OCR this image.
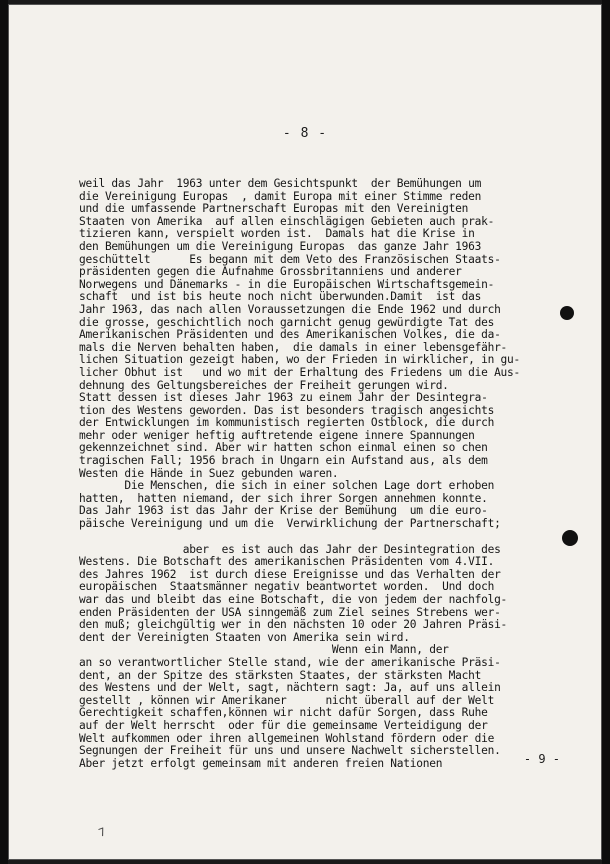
- 8 -
weil das Jahr  1963 unter dem Gesichtspunkt  der Bemühungen um
die Vereinigung Europas  , damit Europa mit einer Stimme reden
und die umfassende Partnerschaft Europas mit den Vereinigten
Staaten von Amerika  auf allen einschlägigen Gebieten auch prak-
tizieren kann, verspielt worden ist.  Damals hat die Krise in
den Bemühungen um die Vereinigung Europas  das ganze Jahr 1963
geschüttelt      Es begann mit dem Veto des Französischen Staats-
präsidenten gegen die Aufnahme Grossbritanniens und anderer
Norwegens und Dänemarks - in die Europäischen Wirtschaftsgemein-
schaft  und ist bis heute noch nicht überwunden.Damit  ist das
Jahr 1963, das nach allen Voraussetzungen die Ende 1962 und durch
die grosse, geschichtlich noch garnicht genug gewürdigte Tat des
Amerikanischen Präsidenten und des Amerikanischen Volkes, die da-
mals die Nerven behalten haben,  die damals in einer lebensgefähr-
lichen Situation gezeigt haben, wo der Frieden in wirklicher, in gu-
licher Obhut ist   und wo mit der Erhaltung des Friedens um die Aus-
dehnung des Geltungsbereiches der Freiheit gerungen wird.
Statt dessen ist dieses Jahr 1963 zu einem Jahr der Desintegra-
tion des Westens geworden. Das ist besonders tragisch angesichts
der Entwicklungen im kommunistisch regierten Ostblock, die durch
mehr oder weniger heftig auftretende eigene innere Spannungen
gekennzeichnet sind. Aber wir hatten schon einmal einen so chen
tragischen Fall; 1956 brach in Ungarn ein Aufstand aus, als dem
Westen die Hände in Suez gebunden waren.
Die Menschen, die sich in einer solchen Lage dort erhoben
hatten,  hatten niemand, der sich ihrer Sorgen annehmen konnte.
Das Jahr 1963 ist das Jahr der Krise der Bemühung  um die euro-
päische Vereinigung und um die  Verwirklichung der Partnerschaft;
aber  es ist auch das Jahr der Desintegration des
Westens. Die Botschaft des amerikanischen Präsidenten vom 4.VII.
des Jahres 1962  ist durch diese Ereignisse und das Verhalten der
europäischen  Staatsmänner negativ beantwortet worden.  Und doch
war das und bleibt das eine Botschaft, die von jedem der nachfolg-
enden Präsidenten der USA sinngemäß zum Ziel seines Strebens wer-
den muß; gleichgültig wer in den nächsten 10 oder 20 Jahren Präsi-
dent der Vereinigten Staaten von Amerika sein wird.
Wenn ein Mann, der
an so verantwortlicher Stelle stand, wie der amerikanische Präsi-
dent, an der Spitze des stärksten Staates, der stärksten Macht
des Westens und der Welt, sagt, nächtern sagt: Ja, auf uns allein
gestellt , können wir Amerikaner      nicht überall auf der Welt
Gerechtigkeit schaffen,können wir nicht dafür Sorgen, dass Ruhe
auf der Welt herrscht  oder für die gemeinsame Verteidigung der
Welt aufkommen oder ihren allgemeinen Wohlstand fördern oder die
Segnungen der Freiheit für uns und unsere Nachwelt sicherstellen.
Aber jetzt erfolgt gemeinsam mit anderen freien Nationen	- 9 -
7
